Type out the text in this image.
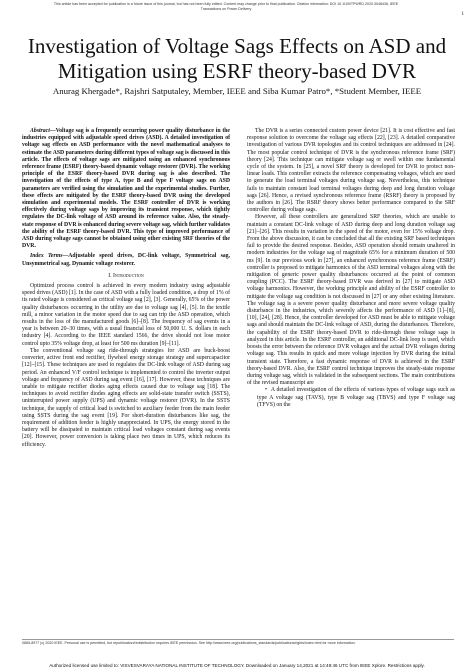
This article has been accepted for publication in a future issue of this journal, but has not been fully edited. Content may change prior to final publication. Citation information: DOI 10.1109/TPWRD.2020.3048436, IEEE
Transactions on Power Delivery
1
Investigation of Voltage Sags Effects on ASD and Mitigation using ESRF theory-based DVR
Anurag Khergade*, Rajshri Satputaley, Member, IEEE and Siba Kumar Patro*, *Student Member, IEEE

Abstract—Voltage sag is a frequently occurring power quality disturbance in the industries equipped with adjustable speed drives (ASD). A detailed investigation of voltage sag effects on ASD performance with the novel mathematical analyses to estimate the ASD parameters during different types of voltage sag is discussed in this article. The effects of voltage sags are mitigated using an enhanced synchronous reference frame (ESRF) theory-based dynamic voltage restorer (DVR). The working principle of the ESRF theory-based DVR during sag is also described. The investigation of the effects of type A, type B and type F voltage sags on ASD parameters are verified using the simulation and the experimental studies. Further, these effects are mitigated by the ESRF theory-based DVR using the developed simulation and experimental models. The ESRF controller of DVR is working effectively during voltage sags by improving its transient response, which tightly regulates the DC-link voltage of ASD around its reference value. Also, the steady-state response of DVR is enhanced during severe voltage sag, which further validates the ability of the ESRF theory-based DVR. This type of improved performance of ASD during voltage sags cannot be obtained using other existing SRF theories of the DVR.

Index Terms—Adjustable speed drives, DC-link voltage, Symmetrical sag, Unsymmetrical sag, Dynamic voltage restorer.

I. Introduction

Optimized process control is achieved in every modern industry using adjustable speed drives (ASD) [1]. In the case of ASD with a fully loaded condition, a drop of 1% of its rated voltage is considered as critical voltage sag [2], [3]. Generally, 65% of the power quality disturbances occurring in the utility are due to voltage sag [4], [5]. In the textile mill, a minor variation in the motor speed due to sag can trip the ASD operation, which results in the loss of the manufactured goods [6]–[8]. The frequency of sag events in a year is between 20–30 times, with a usual financial loss of 50,000 U. S. dollars in each industry [4]. According to the IEEE standard 1566, the drive should not lose motor control upto 35% voltage drop, at least for 500 ms duration [9]–[11].

The conventional voltage sag ride-through strategies for ASD are buck-boost converter, active front end rectifier, flywheel energy storage strategy and supercapacitor [12]–[15]. These techniques are used to regulates the DC-link voltage of ASD during sag period. An enhanced V/F control technique is implemented to control the inverter output voltage and frequency of ASD during sag event [16], [17]. However, these techniques are unable to mitigate rectifier diodes aging effects caused due to voltage sag [18]. The techniques to avoid rectifier diodes aging effects are solid-state transfer switch (SSTS), uninterrupted power supply (UPS) and dynamic voltage restorer (DVR). In the SSTS technique, the supply of critical load is switched to auxiliary feeder from the main feeder using SSTS during the sag event [19]. For short-duration disturbances like sag, the requirement of addition feeder is highly unappreciated. In UPS, the energy stored in the battery will be dissipated to maintain critical load voltages constant during sag events [20]. However, power conversion is taking place two times in UPS, which reduces its efficiency.

The DVR is a series connected custom power device [21]. It is cost effective and fast response solution to overcome the voltage sag effects [22], [23]. A detailed comparative investigation of various DVR topologies and its control techniques are addressed in [24]. The most popular control technique of DVR is the synchronous reference frame (SRF) theory [24]. This technique can mitigate voltage sag or swell within one fundamental cycle of the system. In [25], a novel SRF theory is developed for DVR to protect non-linear loads. This controller extracts the reference compensating voltages, which are used to generate the load terminal voltages during voltage sag. Nevertheless, this technique fails to maintain constant load terminal voltages during deep and long duration voltage sags [26]. Hence, a revised synchronous reference frame (RSRF) theory is proposed by the authors in [26]. The RSRF theory shows better performance compared to the SRF controller during voltage sags.

However, all these controllers are generalized SRF theories, which are unable to maintain a constant DC-link voltage of ASD during deep and long duration voltage sag [21]–[26]. This results in variation in the speed of the motor, even for 15% voltage drop. From the above discussion, it can be concluded that all the existing SRF based techniques fail to provide the desired response. Besides, ASD operation should remain unaltered in modern industries for the voltage sag of magnitude 65% for a minimum duration of 500 ms [9]. In our previous work in [27], an enhanced synchronous reference frame (ESRF) controller is proposed to mitigate harmonics of the ASD terminal voltages along with the mitigation of generic power quality disturbances occurred at the point of common coupling (PCC). The ESRF theory-based DVR was derived in [27] to mitigate ASD voltage harmonics. However, the working principle and ability of the ESRF controller to mitigate the voltage sag condition is not discussed in [27] or any other existing literature. The voltage sag is a severe power quality disturbance and more severe voltage quality disturbance in the industries, which severely affects the performance of ASD [1]–[8], [10], [24], [28]. Hence, the controller developed for ASD must be able to mitigate voltage sags and should maintain the DC-link voltage of ASD, during the disturbances. Therefore, the capability of the ESRF theory-based DVR to ride-through these voltage sags is analyzed in this article. In the ESRF controller, an additional DC-link loop is used, which boosts the error between the reference DVR voltages and the actual DVR voltages during voltage sag. This results in quick and more voltage injection by DVR during the initial transient state. Therefore, a fast dynamic response of DVR is achieved in the ESRF theory-based DVR. Also, the ESRF control technique improves the steady-state response during voltage sag, which is validated in the subsequent sections. The main contributions of the revised manuscript are

•  A detailed investigation of the effects of various types of voltage sags such as type A voltage sag (TAVS), type B voltage sag (TBVS) and type F voltage sag (TFVS) on the

0885-8977 (c) 2020 IEEE. Personal use is permitted, but republication/redistribution requires IEEE permission. See http://www.ieee.org/publications_standards/publications/rights/index.html for more information.
Authorized licensed use limited to: VISVESVARAYA NATIONAL INSTITUTE OF TECHNOLOGY. Downloaded on January 14,2021 at 14:49:46 UTC from IEEE Xplore. Restrictions apply.
